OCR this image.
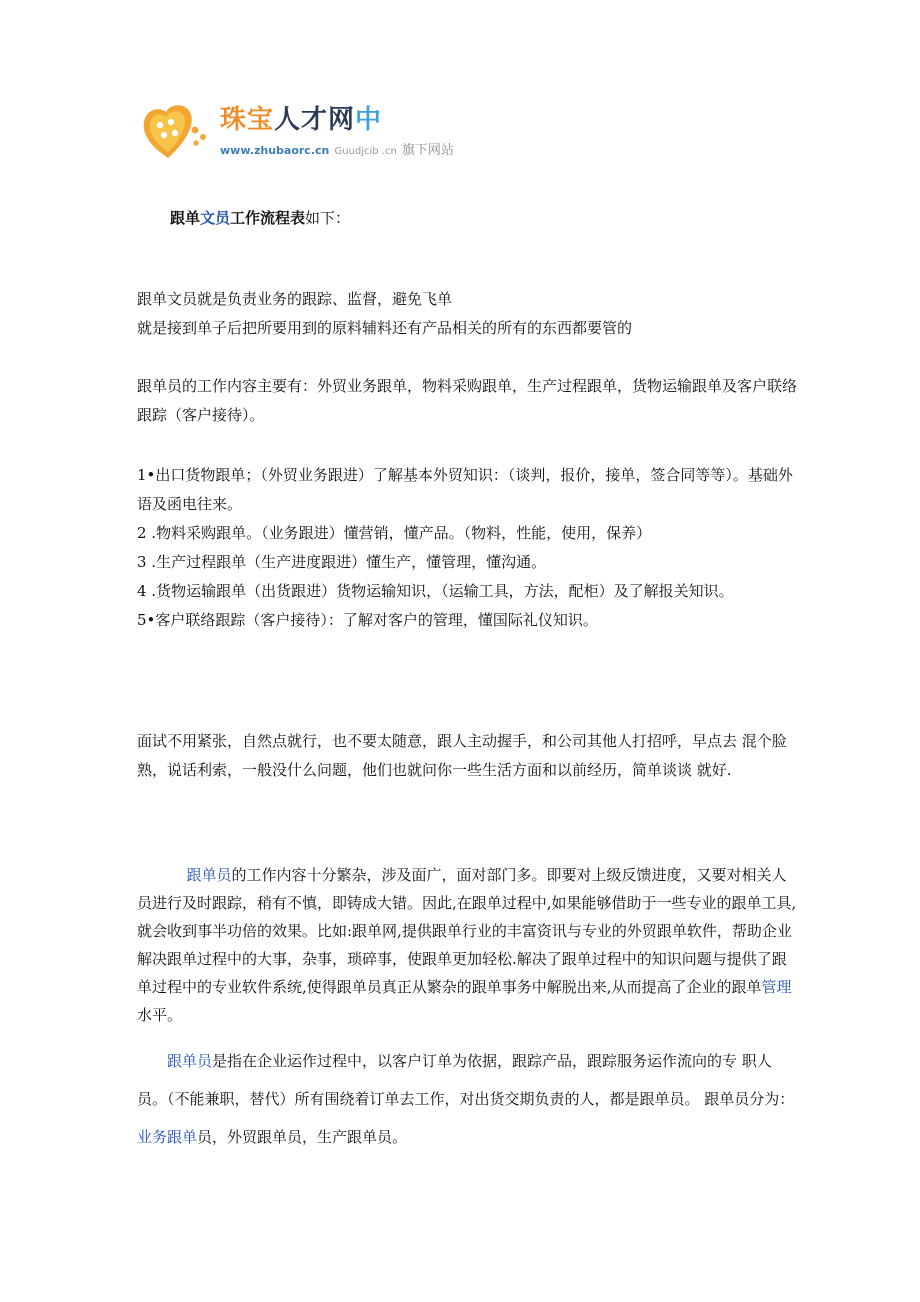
珠宝人才网中
www.zhubaorc.cn Guudjcib .cn 旗下网站
跟单文员工作流程表如下：

跟单文员就是负责业务的跟踪、监督，避免飞单

就是接到单子后把所要用到的原料辅料还有产品相关的所有的东西都要管的

跟单员的工作内容主要有：外贸业务跟单，物料采购跟单，生产过程跟单，货物运输跟单及客户联络跟踪（客户接待）。

1•出口货物跟单；（外贸业务跟进）了解基本外贸知识：（谈判，报价，接单，签合同等等）。基础外语及函电往来。

2 .物料采购跟单。（业务跟进）懂营销，懂产品。（物料，性能，使用，保养）

3 .生产过程跟单（生产进度跟进）懂生产，懂管理，懂沟通。

4 .货物运输跟单（出货跟进）货物运输知识，（运输工具，方法，配柜）及了解报关知识。

5•客户联络跟踪（客户接待）：了解对客户的管理，懂国际礼仪知识。

面试不用紧张，自然点就行，也不要太随意，跟人主动握手，和公司其他人打招呼，早点去 混个脸熟，说话利索，一般没什么问题，他们也就问你一些生活方面和以前经历，简单谈谈 就好.

跟单员的工作内容十分繁杂，涉及面广，面对部门多。即要对上级反馈进度，又要对相关人员进行及时跟踪，稍有不慎，即铸成大错。因此,在跟单过程中,如果能够借助于一些专业的跟单工具,就会收到事半功倍的效果。比如:跟单网,提供跟单行业的丰富资讯与专业的外贸跟单软件，帮助企业解决跟单过程中的大事，杂事，琐碎事，使跟单更加轻松.解决了跟单过程中的知识问题与提供了跟单过程中的专业软件系统,使得跟单员真正从繁杂的跟单事务中解脱出来,从而提高了企业的跟单管理水平。

跟单员是指在企业运作过程中，以客户订单为依据，跟踪产品，跟踪服务运作流向的专 职人员。（不能兼职，替代）所有围绕着订单去工作，对出货交期负责的人，都是跟单员。 跟单员分为：业务跟单员，外贸跟单员，生产跟单员。
